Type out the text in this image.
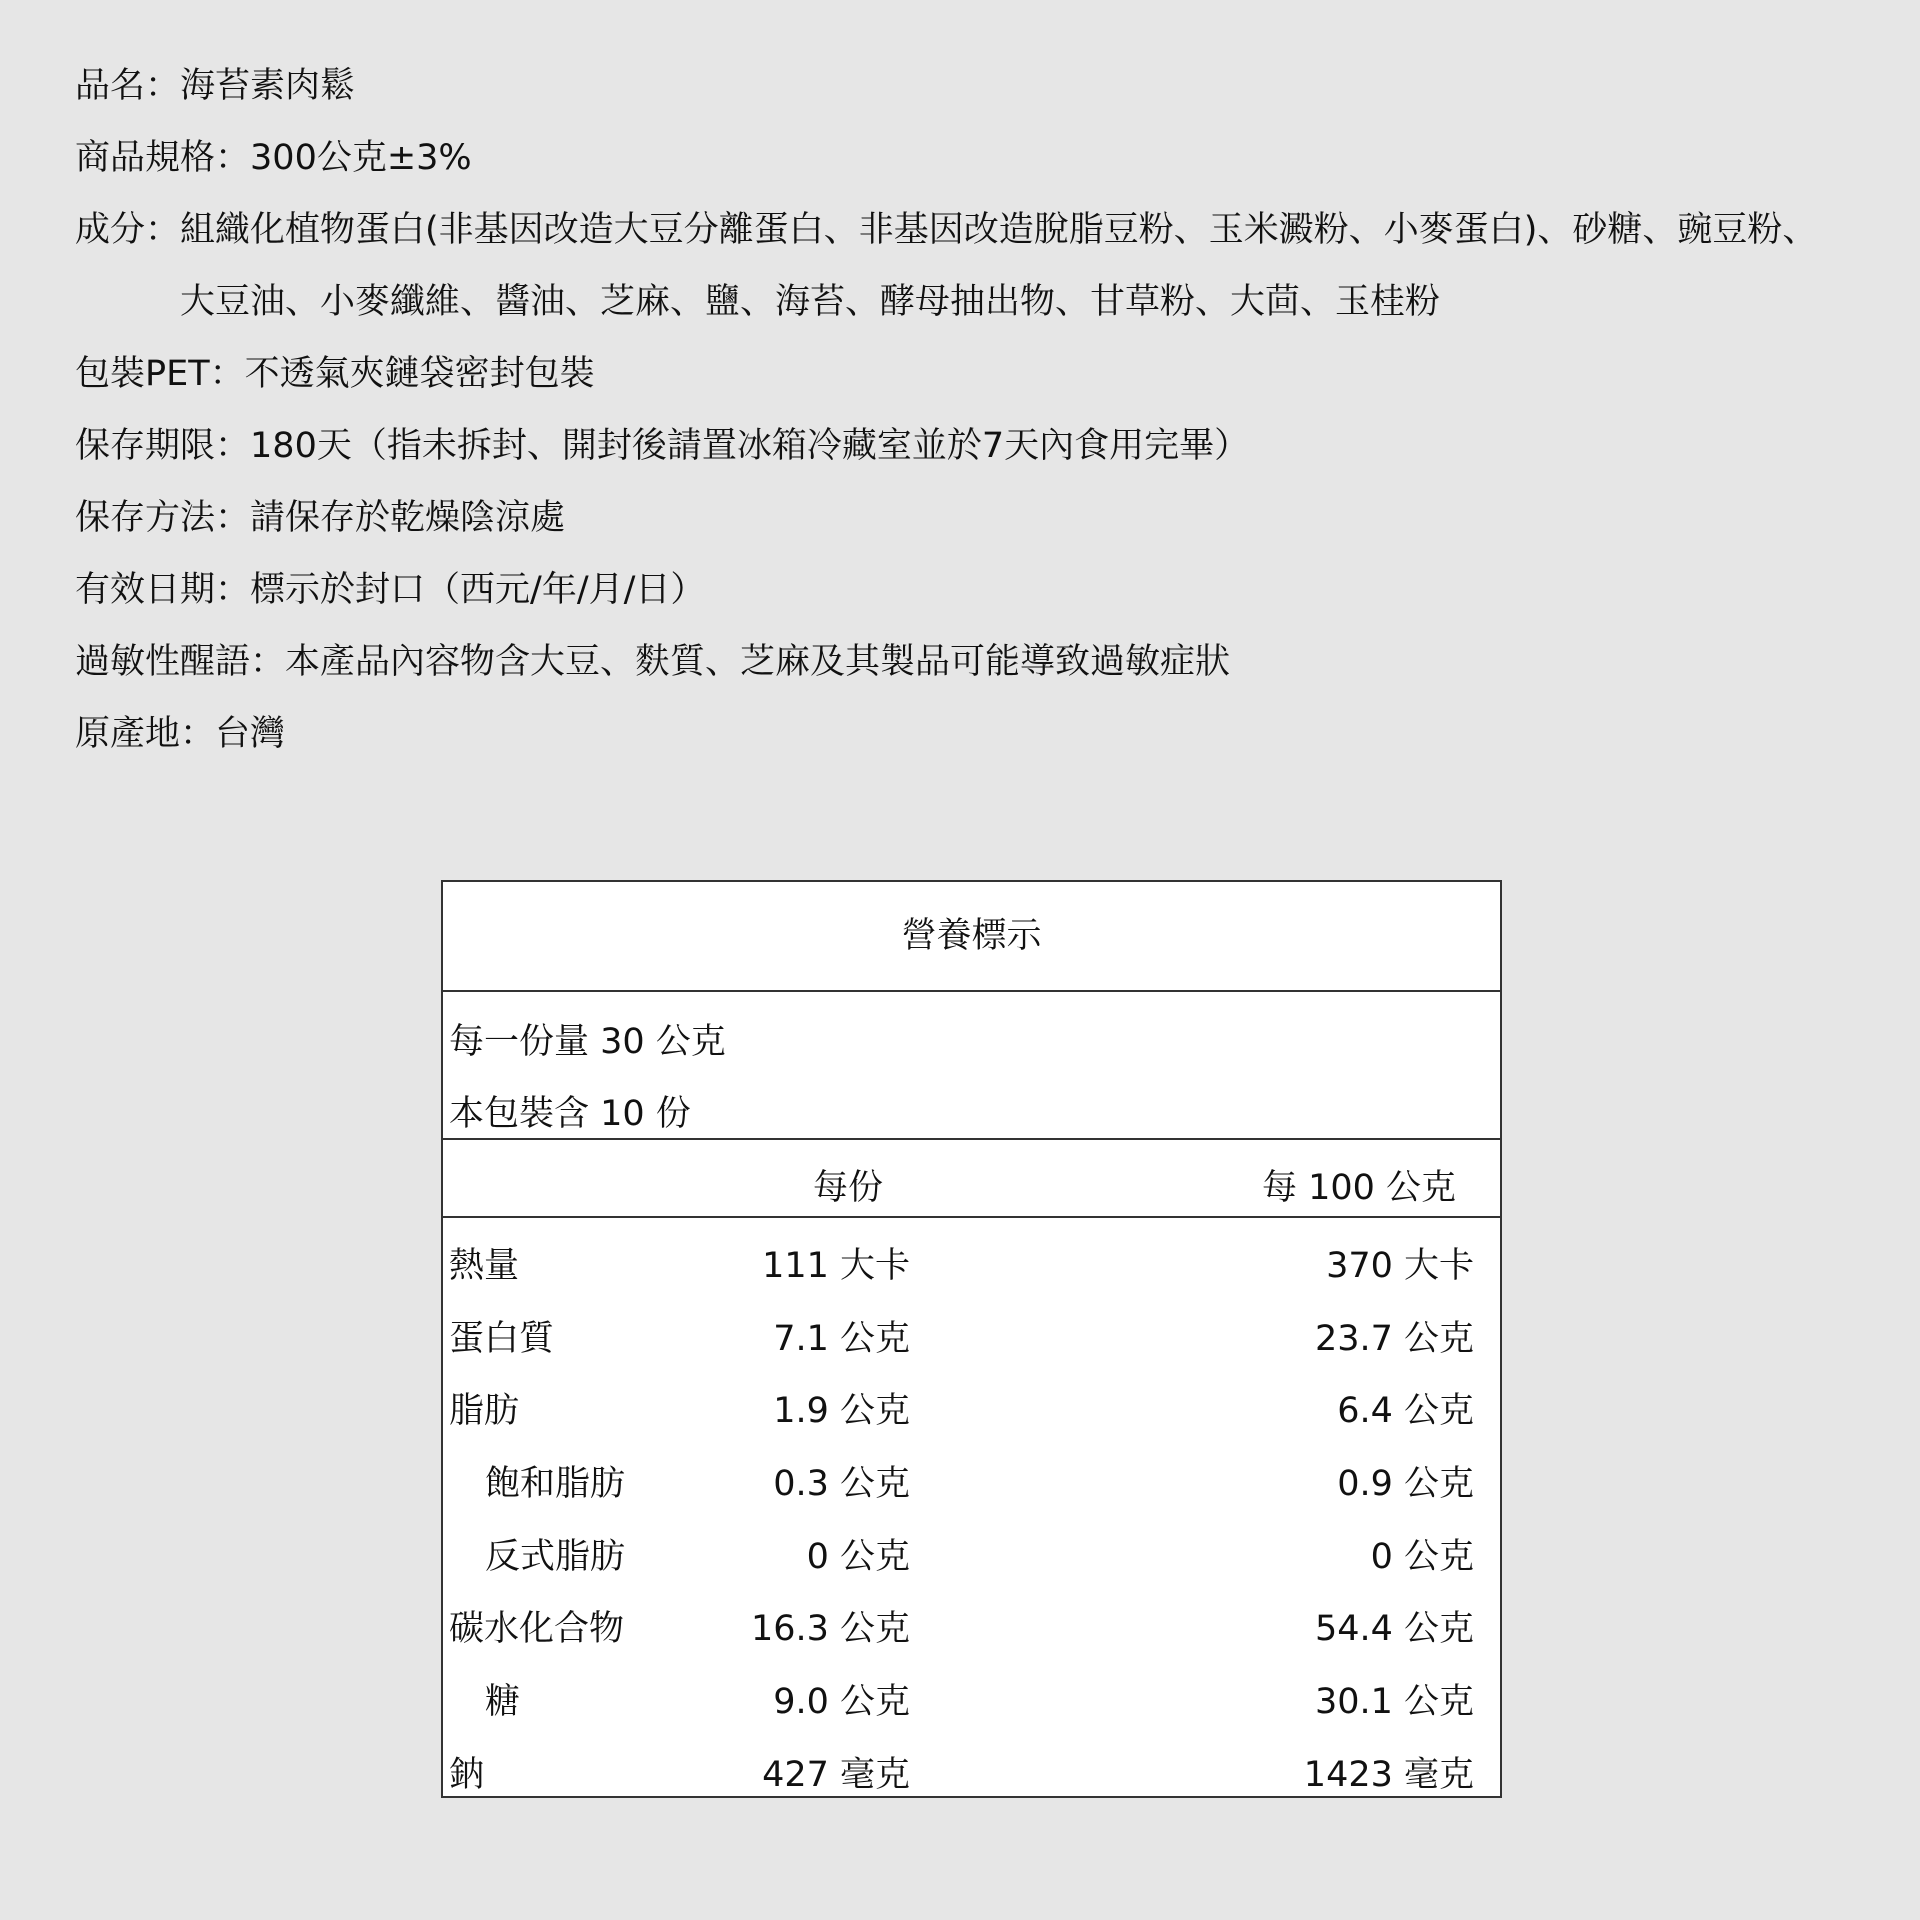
品名 ： 海苔素肉鬆
商品規格 ： 300公克±3%
成分 ： 組織化植物蛋白(非基因改造大豆分離蛋白、非基因改造脫脂豆粉、玉米澱粉、小麥蛋白)、砂糖、豌豆粉、
大豆油、小麥纖維、醬油、芝麻、鹽、海苔、酵母抽出物、甘草粉、大茴、玉桂粉
包裝PET ： 不透氣夾鏈袋密封包裝
保存期限 ： 180天（指未拆封、開封後請置冰箱冷藏室並於7天內食用完畢）
保存方法 ： 請保存於乾燥陰涼處
有效日期 ： 標示於封口（西元/年/月/日）
過敏性醒語 ： 本產品內容物含大豆、麩質、芝麻及其製品可能導致過敏症狀
原產地 ： 台灣
營養標示
每一份量 30 公克
本包裝含 10 份
每份	每 100 公克
熱量	111 大卡	370 大卡
蛋白質	7.1 公克	23.7 公克
脂肪	1.9 公克	6.4 公克
飽和脂肪	0.3 公克	0.9 公克
反式脂肪	0 公克	0 公克
碳水化合物	16.3 公克	54.4 公克
糖	9.0 公克	30.1 公克
鈉	427 毫克	1423 毫克
